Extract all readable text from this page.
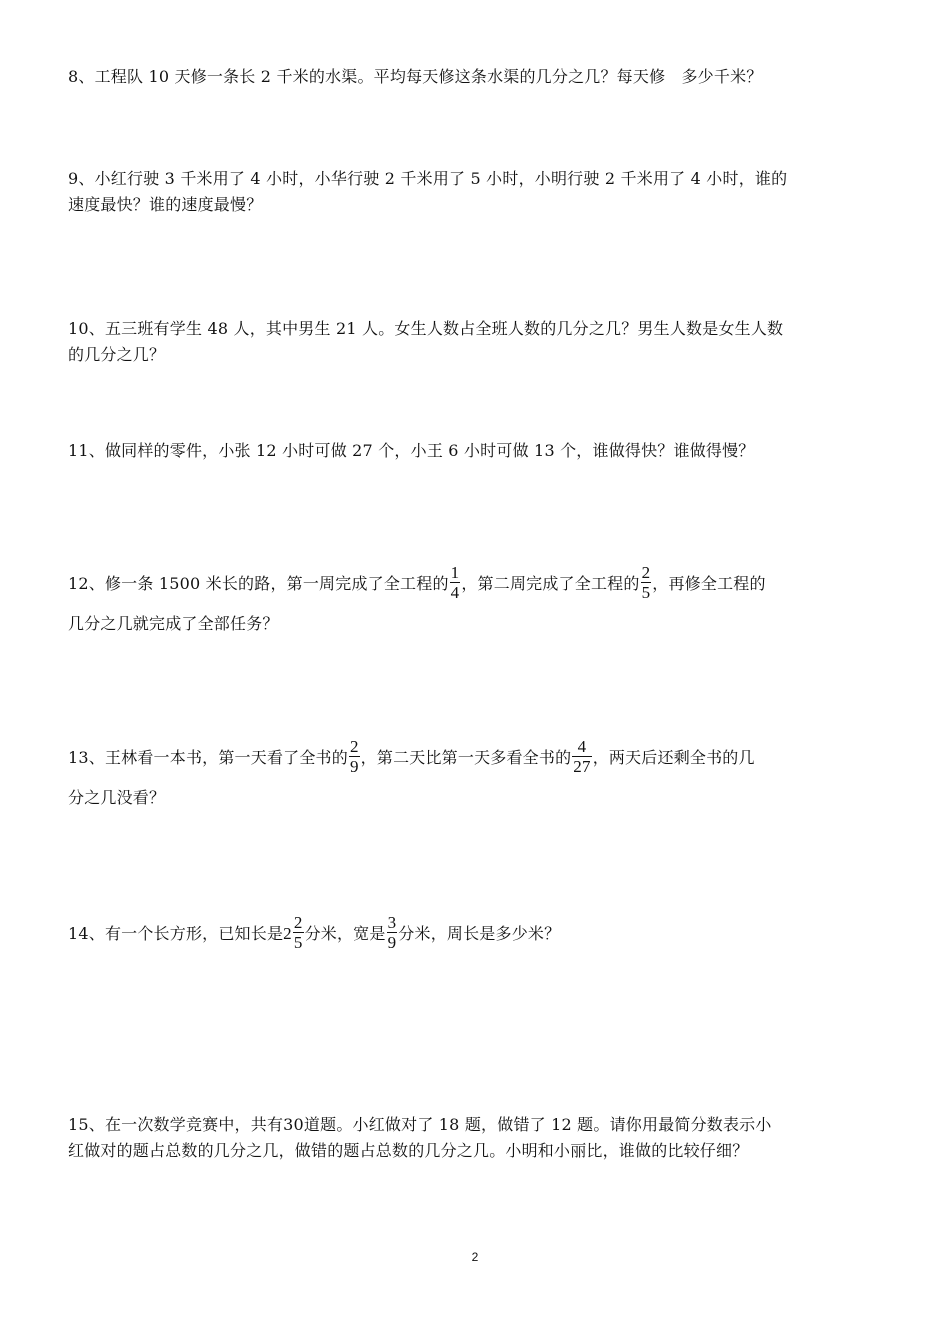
8、工程队 10 天修一条长 2 千米的水渠。平均每天修这条水渠的几分之几？每天修　多少千米？
9、小红行驶 3 千米用了 4 小时，小华行驶 2 千米用了 5 小时，小明行驶 2 千米用了 4 小时，谁的
速度最快？谁的速度最慢？
10、五三班有学生 48 人，其中男生 21 人。女生人数占全班人数的几分之几？男生人数是女生人数
的几分之几？
11、做同样的零件，小张 12 小时可做 27 个，小王 6 小时可做 13 个，谁做得快？谁做得慢？
12、修一条 1500 米长的路，第一周完成了全工程的 $\frac{1}{4}$ ，第二周完成了全工程的 $\frac{2}{5}$ ，再修全工程的
几分之几就完成了全部任务？
13、王林看一本书，第一天看了全书的 $\frac{2}{9}$ ，第二天比第一天多看全书的 $\frac{4}{27}$ ，两天后还剩全书的几
分之几没看？
14、有一个长方形，已知长是$2 \frac{2}{5}$ 分米，宽是 $\frac{3}{9}$ 分米，周长是多少米？
15、在一次数学竞赛中，共有30道题。小红做对了 18 题，做错了 12 题。请你用最简分数表示小
红做对的题占总数的几分之几，做错的题占总数的几分之几。小明和小丽比，谁做的比较仔细？
2
